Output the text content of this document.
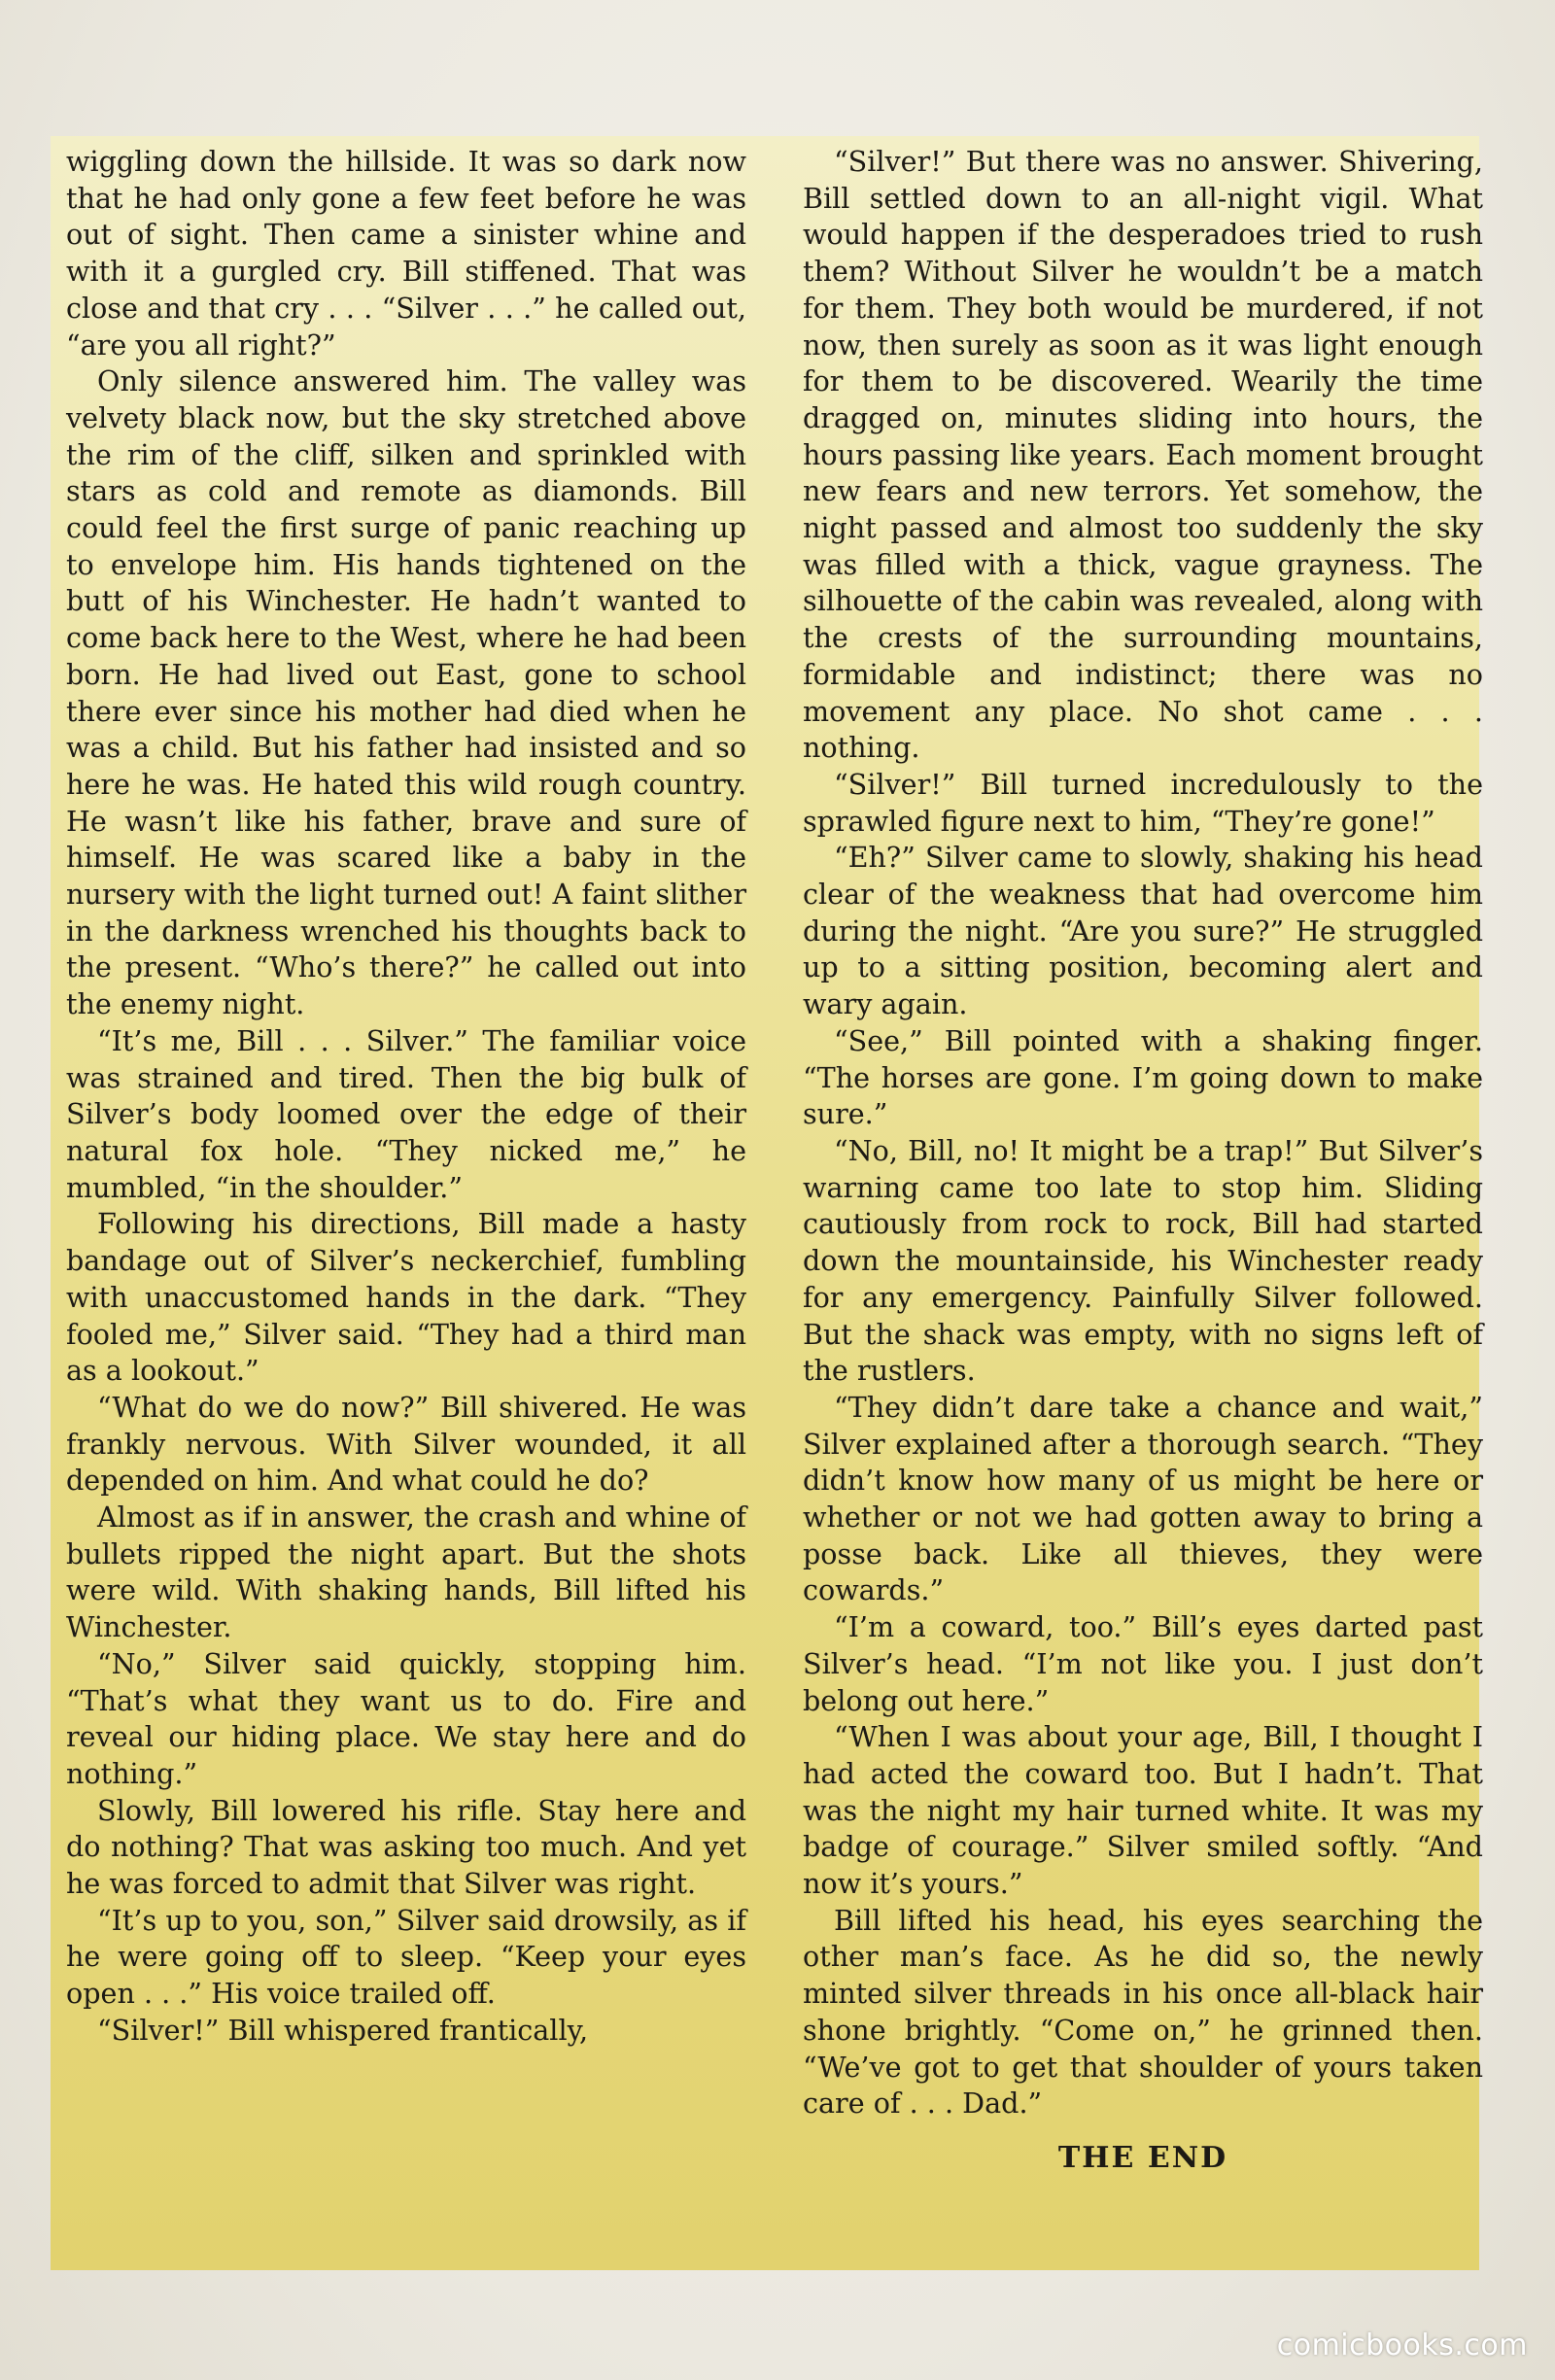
wiggling down the hillside. It was so dark now that he had only gone a few feet before he was out of sight. Then came a sinister whine and with it a gurgled cry. Bill stiffened. That was close and that cry . . . “Silver . . .” he called out, “are you all right?”

Only silence answered him. The valley was velvety black now, but the sky stretched above the rim of the cliff, silken and sprinkled with stars as cold and remote as diamonds. Bill could feel the first surge of panic reaching up to envelope him. His hands tightened on the butt of his Winchester. He hadn’t wanted to come back here to the West, where he had been born. He had lived out East, gone to school there ever since his mother had died when he was a child. But his father had insisted and so here he was. He hated this wild rough country. He wasn’t like his father, brave and sure of himself. He was scared like a baby in the nursery with the light turned out! A faint slither in the darkness wrenched his thoughts back to the present. “Who’s there?” he called out into the enemy night.

“It’s me, Bill . . . Silver.” The familiar voice was strained and tired. Then the big bulk of Silver’s body loomed over the edge of their natural fox hole. “They nicked me,” he mumbled, “in the shoulder.”

Following his directions, Bill made a hasty bandage out of Silver’s neckerchief, fumbling with unaccustomed hands in the dark. “They fooled me,” Silver said. “They had a third man as a lookout.”

“What do we do now?” Bill shivered. He was frankly nervous. With Silver wounded, it all depended on him. And what could he do?

Almost as if in answer, the crash and whine of bullets ripped the night apart. But the shots were wild. With shaking hands, Bill lifted his Winchester.

“No,” Silver said quickly, stopping him. “That’s what they want us to do. Fire and reveal our hiding place. We stay here and do nothing.”

Slowly, Bill lowered his rifle. Stay here and do nothing? That was asking too much. And yet he was forced to admit that Silver was right.

“It’s up to you, son,” Silver said drowsily, as if he were going off to sleep. “Keep your eyes open . . .” His voice trailed off.

“Silver!” Bill whispered frantically,

“Silver!” But there was no answer. Shivering, Bill settled down to an all-night vigil. What would happen if the desperadoes tried to rush them? Without Silver he wouldn’t be a match for them. They both would be murdered, if not now, then surely as soon as it was light enough for them to be discovered. Wearily the time dragged on, minutes sliding into hours, the hours passing like years. Each moment brought new fears and new terrors. Yet somehow, the night passed and almost too suddenly the sky was filled with a thick, vague grayness. The silhouette of the cabin was revealed, along with the crests of the surrounding mountains, formidable and indistinct; there was no movement any place. No shot came . . . nothing.

“Silver!” Bill turned incredulously to the sprawled figure next to him, “They’re gone!”

“Eh?” Silver came to slowly, shaking his head clear of the weakness that had overcome him during the night. “Are you sure?” He struggled up to a sitting position, becoming alert and wary again.

“See,” Bill pointed with a shaking finger. “The horses are gone. I’m going down to make sure.”

“No, Bill, no! It might be a trap!” But Silver’s warning came too late to stop him. Sliding cautiously from rock to rock, Bill had started down the mountainside, his Winchester ready for any emergency. Painfully Silver followed. But the shack was empty, with no signs left of the rustlers.

“They didn’t dare take a chance and wait,” Silver explained after a thorough search. “They didn’t know how many of us might be here or whether or not we had gotten away to bring a posse back. Like all thieves, they were cowards.”

“I’m a coward, too.” Bill’s eyes darted past Silver’s head. “I’m not like you. I just don’t belong out here.”

“When I was about your age, Bill, I thought I had acted the coward too. But I hadn’t. That was the night my hair turned white. It was my badge of courage.” Silver smiled softly. “And now it’s yours.”

Bill lifted his head, his eyes searching the other man’s face. As he did so, the newly minted silver threads in his once all-black hair shone brightly. “Come on,” he grinned then. “We’ve got to get that shoulder of yours taken care of . . . Dad.”

THE END
comicbooks.com
